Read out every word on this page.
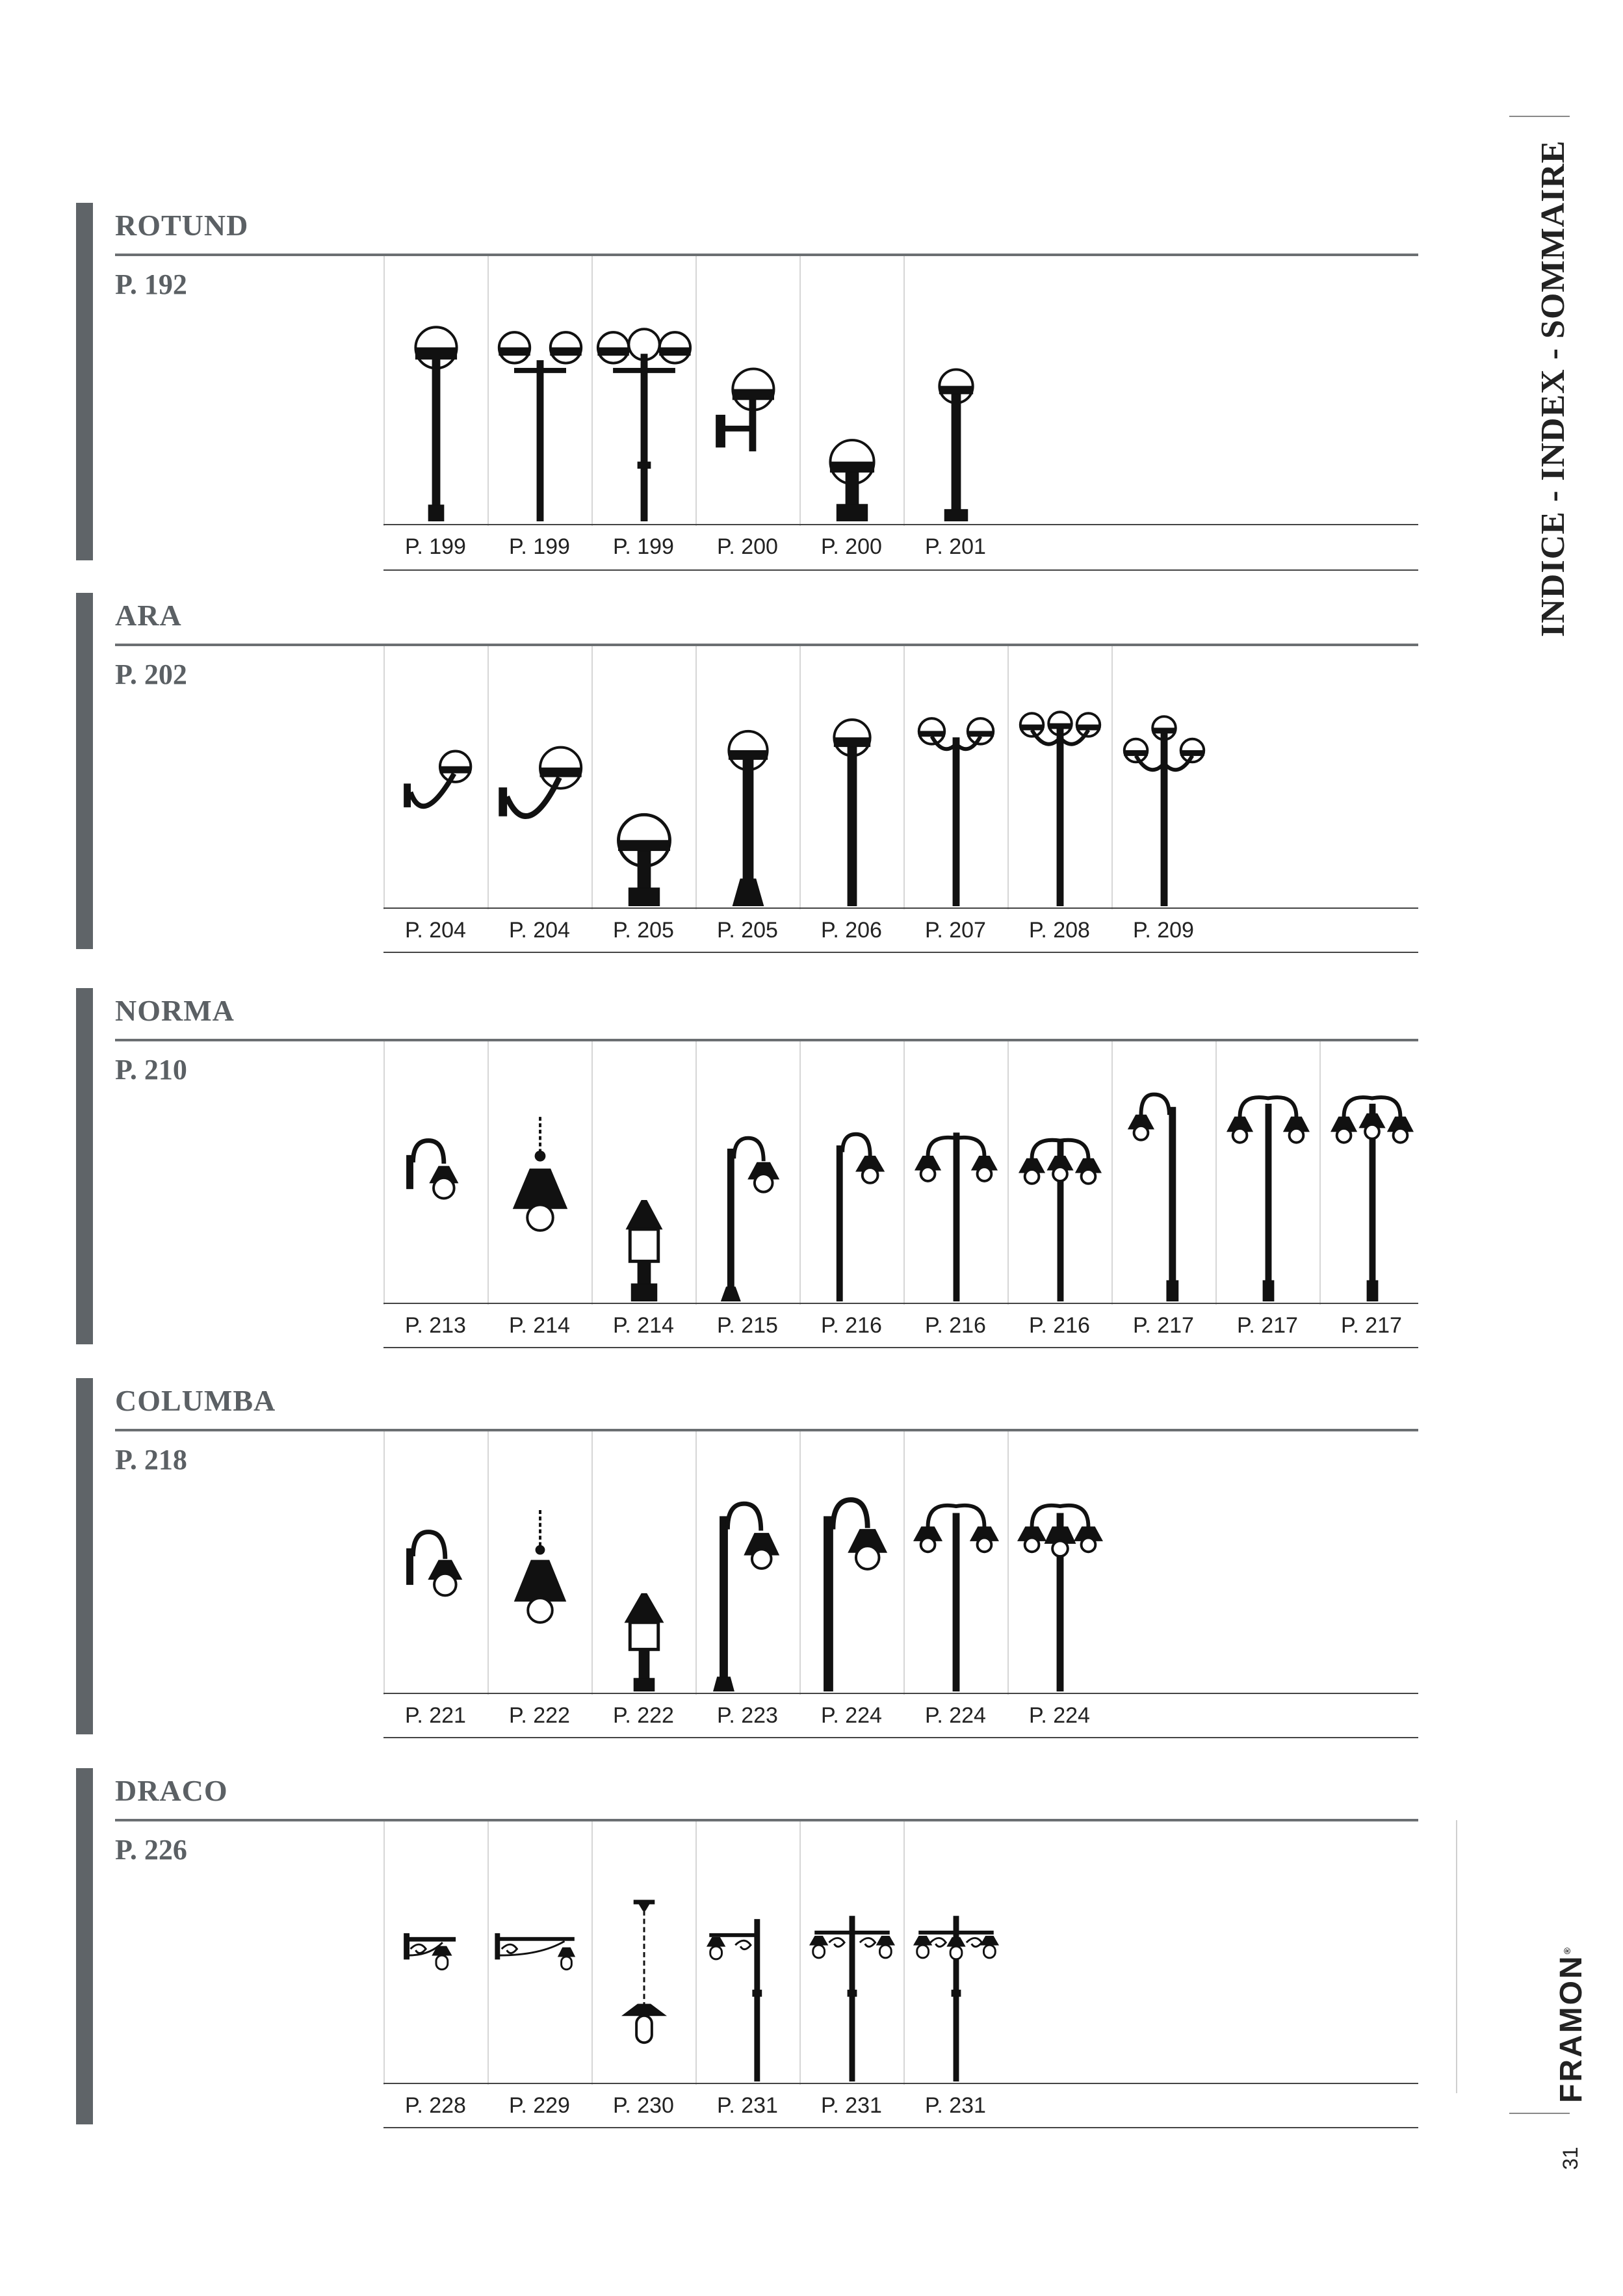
INDICE - INDEX - SOMMAIRE

FRAMON®

31

ROTUND
P. 192
P. 199	P. 199	P. 199	P. 200	P. 200	P. 201
ARA
P. 202
P. 204	P. 204	P. 205	P. 205	P. 206	P. 207	P. 208	P. 209
NORMA
P. 210
P. 213	P. 214	P. 214	P. 215	P. 216	P. 216	P. 216	P. 217	P. 217	P. 217
COLUMBA
P. 218
P. 221	P. 222	P. 222	P. 223	P. 224	P. 224	P. 224
DRACO
P. 226
P. 228	P. 229	P. 230	P. 231	P. 231	P. 231
